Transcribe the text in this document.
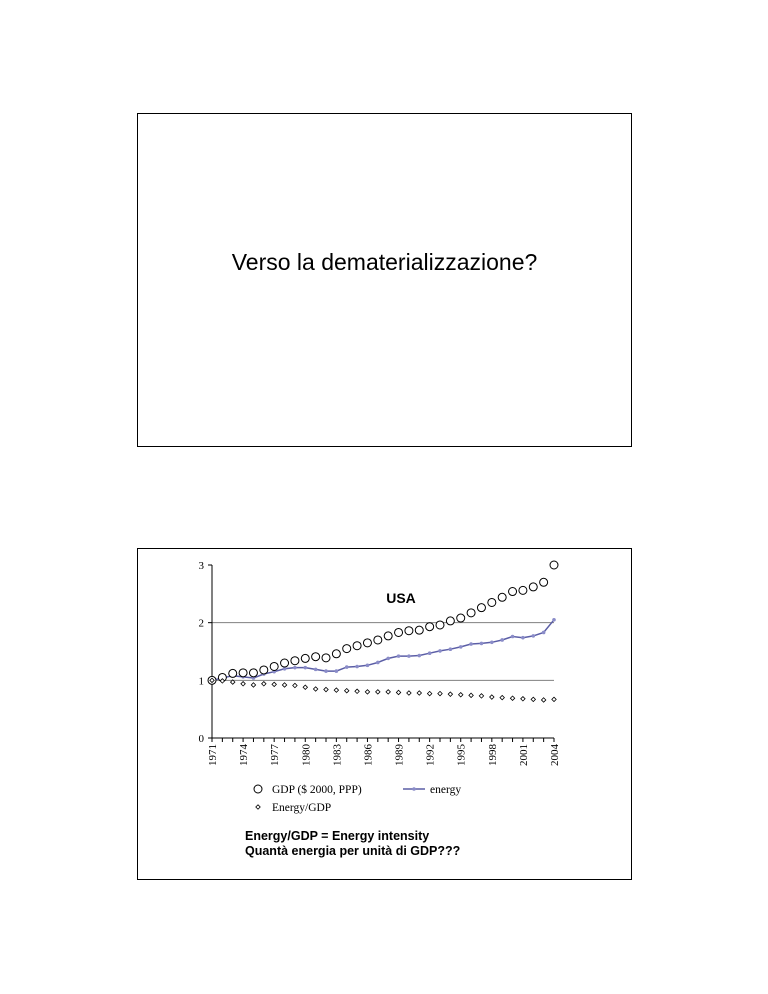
Verso la dematerializzazione?
0
1
2
3
1971 1974 1977 1980 1983 1986 1989 1992 1995 1998 2001 2004
USA
GDP ($ 2000, PPP)	energy
Energy/GDP
Energy/GDP = Energy intensity
Quantà energia per unità di GDP???
